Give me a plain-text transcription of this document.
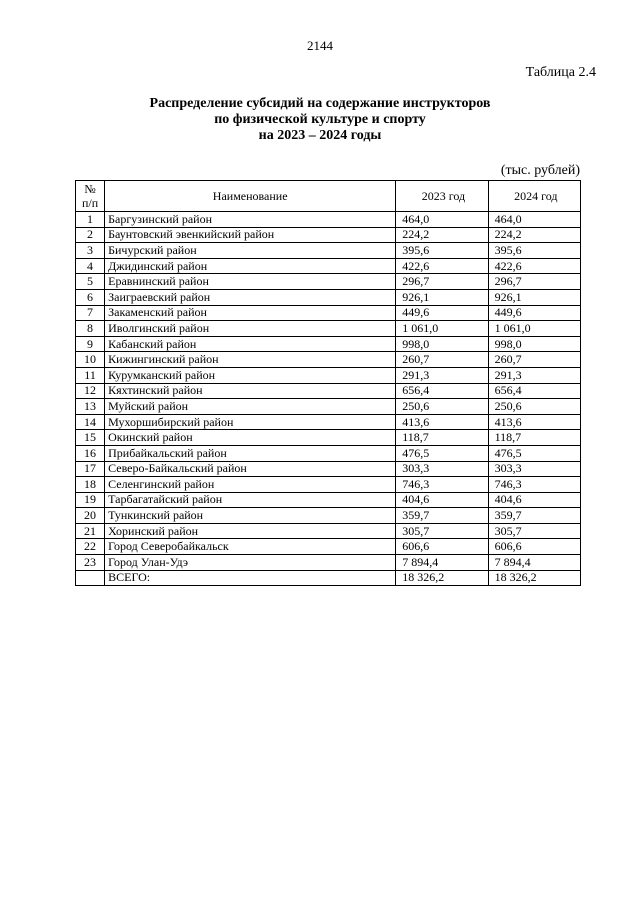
2144
Таблица 2.4
Распределение субсидий на содержание инструкторов
по физической культуре и спорту
на 2023 – 2024 годы
(тыс. рублей)
№
п/п	Наименование	2023 год	2024 год
1	Баргузинский район	464,0	464,0
2	Баунтовский эвенкийский район	224,2	224,2
3	Бичурский район	395,6	395,6
4	Джидинский район	422,6	422,6
5	Еравнинский район	296,7	296,7
6	Заиграевский район	926,1	926,1
7	Закаменский район	449,6	449,6
8	Иволгинский район	1 061,0	1 061,0
9	Кабанский район	998,0	998,0
10	Кижингинский район	260,7	260,7
11	Курумканский район	291,3	291,3
12	Кяхтинский район	656,4	656,4
13	Муйский район	250,6	250,6
14	Мухоршибирский район	413,6	413,6
15	Окинский район	118,7	118,7
16	Прибайкальский район	476,5	476,5
17	Северо-Байкальский район	303,3	303,3
18	Селенгинский район	746,3	746,3
19	Тарбагатайский район	404,6	404,6
20	Тункинский район	359,7	359,7
21	Хоринский район	305,7	305,7
22	Город Северобайкальск	606,6	606,6
23	Город Улан-Удэ	7 894,4	7 894,4
	ВСЕГО:	18 326,2	18 326,2
